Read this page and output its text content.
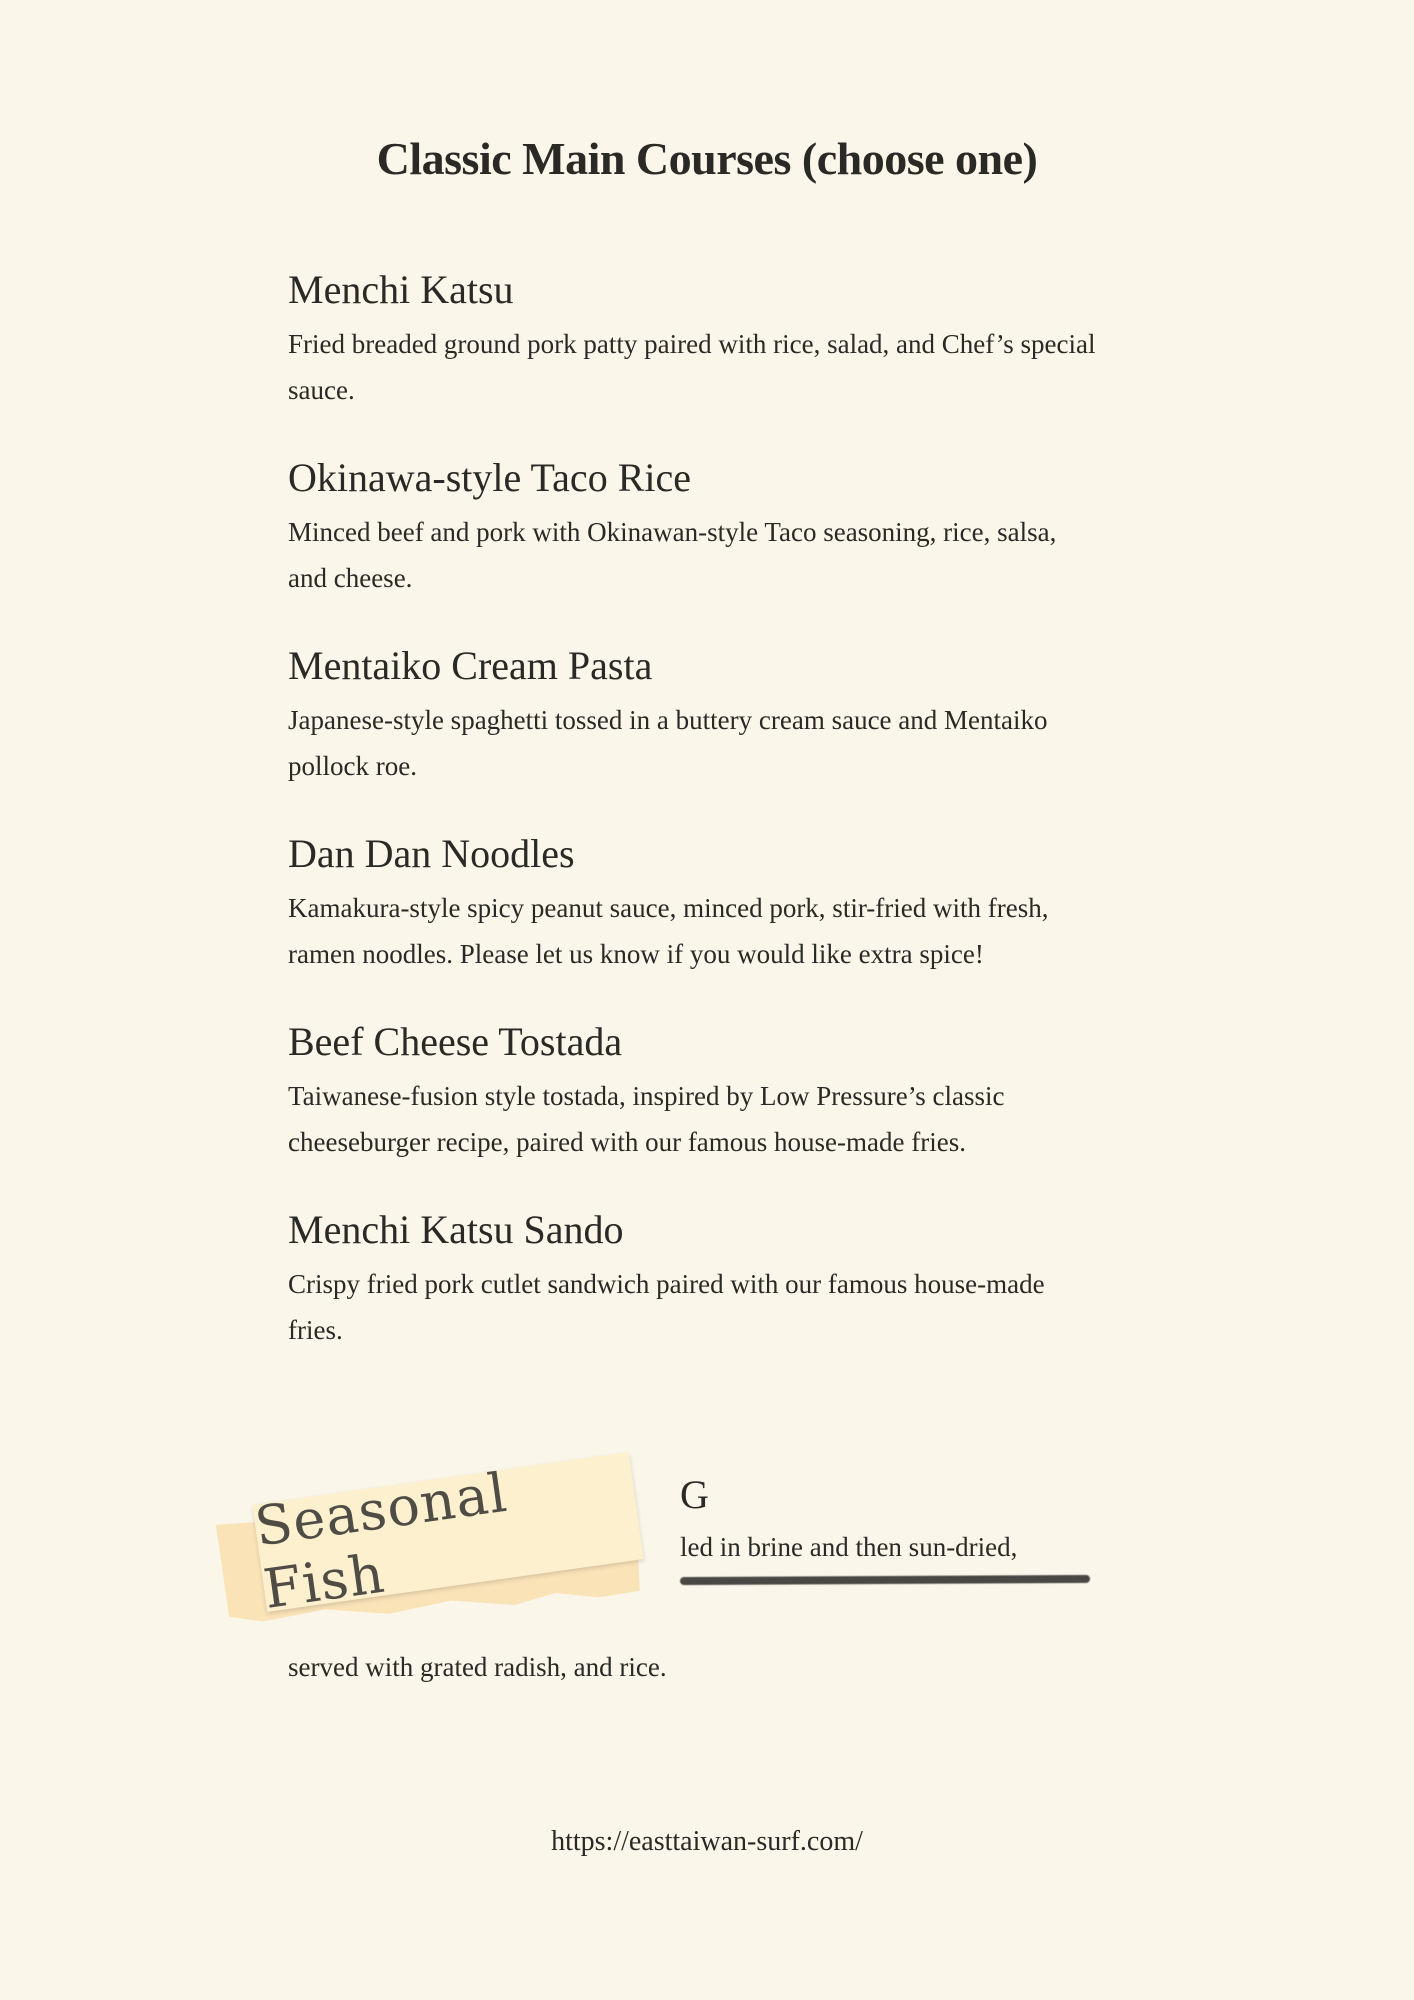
Classic Main Courses (choose one)
Menchi Katsu

Fried breaded ground pork patty paired with rice, salad, and Chef’s special sauce.

Okinawa-style Taco Rice

Minced beef and pork with Okinawan-style Taco seasoning, rice, salsa, and cheese.

Mentaiko Cream Pasta

Japanese-style spaghetti tossed in a buttery cream sauce and Mentaiko pollock roe.

Dan Dan Noodles

Kamakura-style spicy peanut sauce, minced pork, stir-fried with fresh, ramen noodles. Please let us know if you would like extra spice!

Beef Cheese Tostada

Taiwanese-fusion style tostada, inspired by Low Pressure’s classic cheeseburger recipe, paired with our famous house-made fries.

Menchi Katsu Sando

Crispy fried pork cutlet sandwich paired with our famous house-made fries.

Seasonal Fish
G
led in brine and then sun-dried,
served with grated radish, and rice.
https://easttaiwan-surf.com/
